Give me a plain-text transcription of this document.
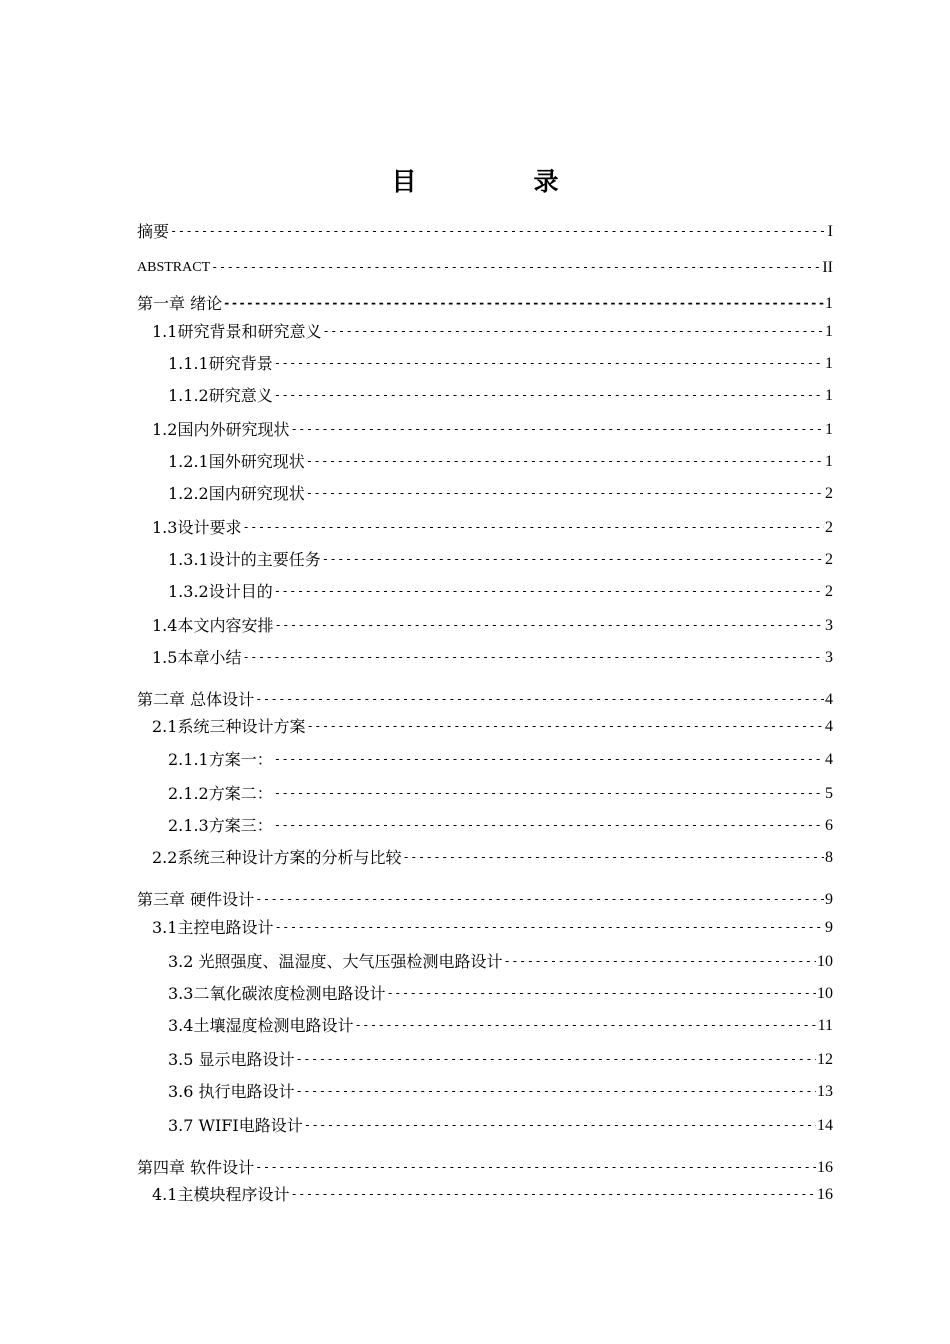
目　录
摘要 -----	I
ABSTRACT -----	II
第一章 绪论 -----	1
1.1研究背景和研究意义 -----	1
1.1.1研究背景 -----	1
1.1.2研究意义 -----	1
1.2国内外研究现状 -----	1
1.2.1国外研究现状 -----	1
1.2.2国内研究现状 -----	2
1.3设计要求 -----	2
1.3.1设计的主要任务 -----	2
1.3.2设计目的 -----	2
1.4本文内容安排 -----	3
1.5本章小结 -----	3
第二章 总体设计 -----	4
2.1系统三种设计方案 -----	4
2.1.1方案一： -----	4
2.1.2方案二： -----	5
2.1.3方案三： -----	6
2.2系统三种设计方案的分析与比较 -----	8
第三章 硬件设计 -----	9
3.1主控电路设计 -----	9
3.2 光照强度、温湿度、大气压强检测电路设计 -----	10
3.3二氧化碳浓度检测电路设计 -----	10
3.4土壤湿度检测电路设计 -----	11
3.5 显示电路设计 -----	12
3.6 执行电路设计 -----	13
3.7 WIFI电路设计 -----	14
第四章 软件设计 -----	16
4.1主模块程序设计 -----	16
